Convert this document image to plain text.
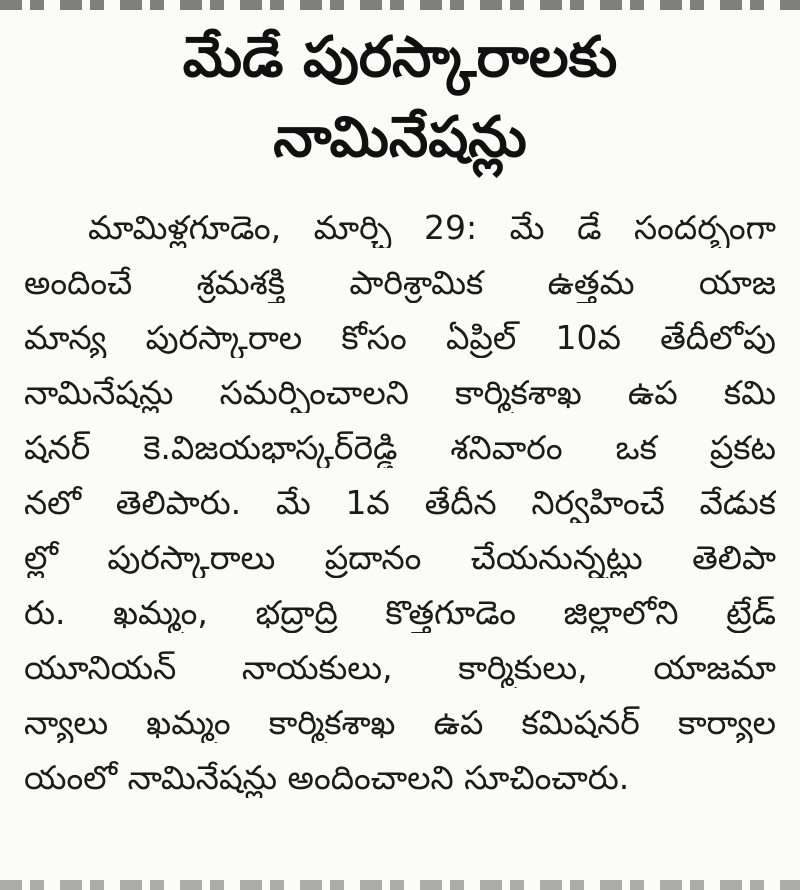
మేడే పురస్కారాలకు
నామినేషన్లు
మామిళ్లగూడెం, మార్చి 29: మే డే సందర్భంగా
అందించే శ్రమశక్తి పారిశ్రామిక ఉత్తమ యాజ
మాన్య పురస్కారాల కోసం ఏప్రిల్ 10వ తేదీలోపు
నామినేషన్లు సమర్పించాలని కార్మికశాఖ ఉప కమి
షనర్ కె.విజయభాస్కర్‌రెడ్డి శనివారం ఒక ప్రకట
నలో తెలిపారు. మే 1వ తేదీన నిర్వహించే వేడుక
ల్లో పురస్కారాలు ప్రదానం చేయనున్నట్లు తెలిపా
రు. ఖమ్మం, భద్రాద్రి కొత్తగూడెం జిల్లాలోని ట్రేడ్
యూనియన్ నాయకులు, కార్మికులు, యాజమా
న్యాలు ఖమ్మం కార్మికశాఖ ఉప కమిషనర్ కార్యాల
యంలో నామినేషన్లు అందించాలని సూచించారు.
